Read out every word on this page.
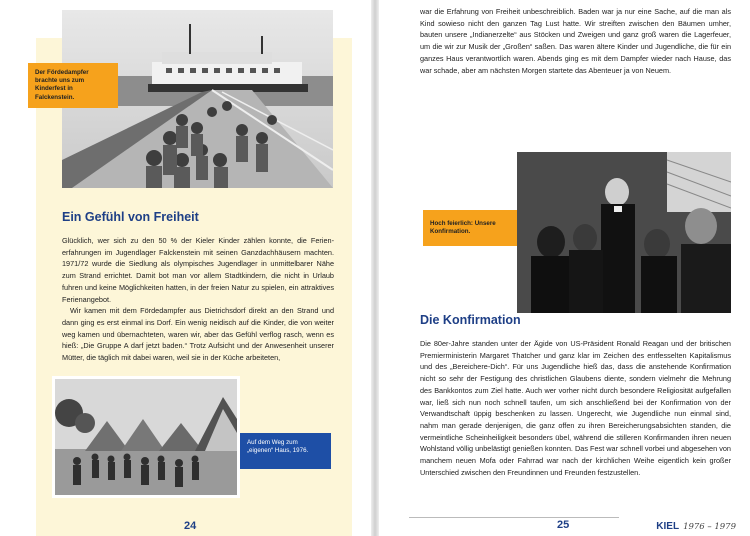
Der Fördedampfer brachte uns zum Kinderfest in Falckenstein.
Ein Gefühl von Freiheit

Glücklich, wer sich zu den 50 % der Kieler Kinder zählen konnte, die Ferienerfahrungen im Jugendlager Falckenstein mit seinen Ganzdachhäusern machten. 1971/72 wurde die Siedlung als olympisches Jugendlager in unmittelbarer Nähe zum Strand errichtet. Damit bot man vor allem Stadtkindern, die nicht in Urlaub fuhren und keine Möglichkeiten hatten, in der freien Natur zu spielen, ein attraktives Ferienangebot.

Wir kamen mit dem Fördedampfer aus Dietrichsdorf direkt an den Strand und dann ging es erst einmal ins Dorf. Ein wenig neidisch auf die Kinder, die von weiter weg kamen und übernachteten, waren wir, aber das Gefühl verflog rasch, wenn es hieß: „Die Gruppe A darf jetzt baden.“ Trotz Aufsicht und der Anwesenheit unserer Mütter, die täglich mit dabei waren, weil sie in der Küche arbeiteten,

Auf dem Weg zum „eigenen“ Haus, 1976.
24

war die Erfahrung von Freiheit unbeschreiblich. Baden war ja nur eine Sache, auf die man als Kind sowieso nicht den ganzen Tag Lust hatte. Wir streiften zwischen den Bäumen umher, bauten unsere „Indianerzelte“ aus Stöcken und Zweigen und ganz groß waren die Lagerfeuer, um die wir zur Musik der „Großen“ saßen. Das waren ältere Kinder und Jugendliche, die für ein ganzes Haus verantwortlich waren. Abends ging es mit dem Dampfer wieder nach Hause, das war schade, aber am nächsten Morgen startete das Abenteuer ja von Neuem.

Hoch feierlich: Unsere Konfirmation.
Die Konfirmation

Die 80er-Jahre standen unter der Ägide von US-Präsident Ronald Reagan und der britischen Premierministerin Margaret Thatcher und ganz klar im Zeichen des entfesselten Kapitalismus und des „Bereichere-Dich“. Für uns Jugendliche hieß das, dass die anstehende Konfirmation nicht so sehr der Festigung des christlichen Glaubens diente, sondern vielmehr die Mehrung des Bankkontos zum Ziel hatte. Auch wer vorher nicht durch besondere Religiosität aufgefallen war, ließ sich nun noch schnell taufen, um sich anschließend bei der Konfirmation von der Verwandtschaft üppig beschenken zu lassen. Ungerecht, wie Jugendliche nun einmal sind, nahm man gerade denjenigen, die ganz offen zu ihren Bereicherungsabsichten standen, die vermeintliche Scheinheiligkeit besonders übel, während die stilleren Konfirmanden ihren neuen Wohlstand völlig unbelästigt genießen konnten. Das Fest war schnell vorbei und abgesehen von manchem neuen Mofa oder Fahrrad war nach der kirchlichen Weihe eigentlich kein großer Unterschied zwischen den Freundinnen und Freunden festzustellen.

25	KIEL 1976 – 1979
